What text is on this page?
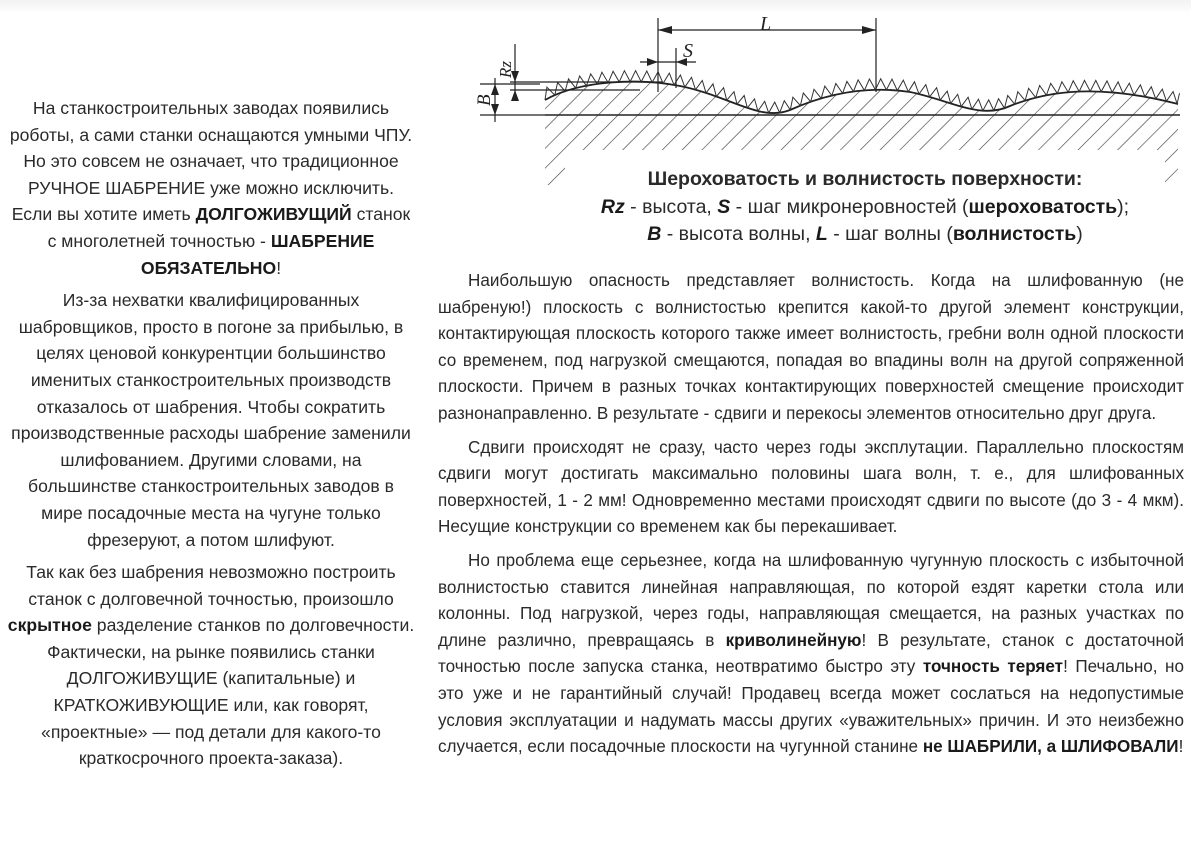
На станкостроительных заводах появились роботы, а сами станки оснащаются умными ЧПУ. Но это совсем не означает, что традиционное РУЧНОЕ ШАБРЕНИЕ уже можно исключить. Если вы хотите иметь ДОЛГОЖИВУЩИЙ станок с многолетней точностью - ШАБРЕНИЕ ОБЯЗАТЕЛЬНО!

Из-за нехватки квалифицированных шабровщиков, просто в погоне за прибылью, в целях ценовой конкурентции большинство именитых станкостроительных производств отказалось от шабрения. Чтобы сократить производственные расходы шабрение заменили шлифованием. Другими словами, на большинстве станкостроительных заводов в мире посадочные места на чугуне только фрезеруют, а потом шлифуют.

Так как без шабрения невозможно построить станок с долговечной точностью, произошло скрытное разделение станков по долговечности. Фактически, на рынке появились станки ДОЛГОЖИВУЩИЕ (капитальные) и КРАТКОЖИВУЮЩИЕ или, как говорят, «проектные» — под детали для какого-то краткосрочного проекта-заказа).

L
S
Rz
B
Шероховатость и волнистость поверхности:
Rz - высота, S - шаг микронеровностей (шероховатость);
B - высота волны, L - шаг волны (волнистость)

Наибольшую опасность представляет волнистость. Когда на шлифованную (не шабреную!) плоскость с волнистостью крепится какой-то другой элемент конструкции, контактирующая плоскость которого также имеет волнистость, гребни волн одной плоскости со временем, под нагрузкой смещаются, попадая во впадины волн на другой сопряженной плоскости. Причем в разных точках контактирующих поверхностей смещение происходит разнонаправленно. В результате - сдвиги и перекосы элементов относительно друг друга.

Сдвиги происходят не сразу, часто через годы эксплутации. Параллельно плоскостям сдвиги могут достигать максимально половины шага волн, т. е., для шлифованных поверхностей, 1 - 2 мм! Одновременно местами происходят сдвиги по высоте (до 3 - 4 мкм). Несущие конструкции со временем как бы перекашивает.

Но проблема еще серьезнее, когда на шлифованную чугунную плоскость с избыточной волнистостью ставится линейная направляющая, по которой ездят каретки стола или колонны. Под нагрузкой, через годы, направляющая смещается, на разных участках по длине различно, превращаясь в криволинейную! В результате, станок с достаточной точностью после запуска станка, неотвратимо быстро эту точность теряет! Печально, но это уже и не гарантийный случай! Продавец всегда может сослаться на недопустимые условия эксплуатации и надумать массы других «уважительных» причин. И это неизбежно случается, если посадочные плоскости на чугунной станине не ШАБРИЛИ, а ШЛИФОВАЛИ!
